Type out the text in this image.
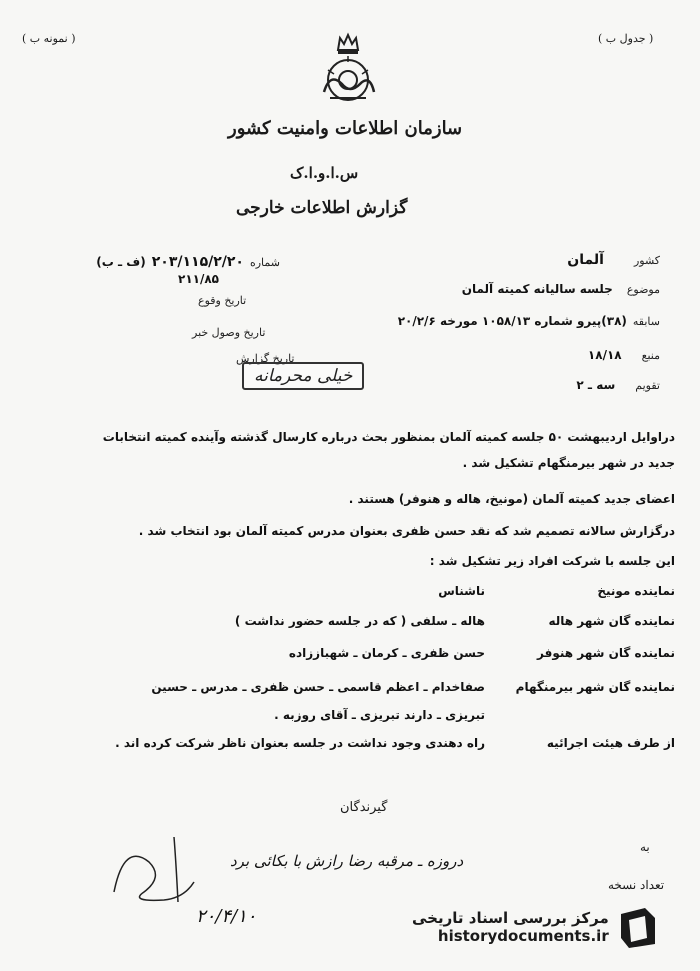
( جدول ب )
( نمونه ب )
سازمان اطلاعات وامنیت کشور
س.ا.و.ا.ک
گزارش اطلاعات خارجی
شماره
۲۰۳/۱۱۵/۲/۲۰
(ف ـ ب)
۲۱۱/۸۵
تاریخ وقوع
تاریخ وصول خبر
تاریخ گزارش
کشور
آلمان
موضوع
جلسه سالیانه کمیته آلمان
سابقه
(۳۸)پیرو شماره ۱۰۵۸/۱۳ مورخه ۲۰/۲/۶
منبع
۱۸/۱۸
تقویم
سه ـ ۲
خیلی محرمانه
دراوایل اردیبهشت ۵۰ جلسه کمیته آلمان بمنظور بحث درباره کارسال گذشته وآینده کمیته انتخابات
جدید در شهر بیرمنگهام تشکیل شد .
اعضای جدید کمیته آلمان (مونیخ، هاله و هنوفر) هستند .
درگزارش سالانه تصمیم شد که نقد حسن ظفری بعنوان مدرس کمیته آلمان بود انتخاب شد .
این جلسه با شرکت افراد زیر تشکیل شد :
نماینده مونیخ
ناشناس
نماینده گان شهر هاله
هاله ـ سلفی ( که در جلسه حضور نداشت )
نماینده گان شهر هنوفر
حسن ظفری ـ کرمان ـ شهباززاده
نماینده گان شهر بیرمنگهام
صفاخدام ـ اعظم قاسمی ـ حسن ظفری ـ مدرس ـ حسین
تبریزی ـ دارند تبریزی ـ آقای روزبه .
از طرف هیئت اجرائیه
راه دهندی وجود نداشت در جلسه بعنوان ناظر شرکت کرده اند .
گیرندگان
به
تعداد نسخه
دروزه ـ مرقبه رضا رازش با بکائی برد
۲۰/۴/۱۰	مرکز بررسی اسناد تاریخی
historydocuments.ir
